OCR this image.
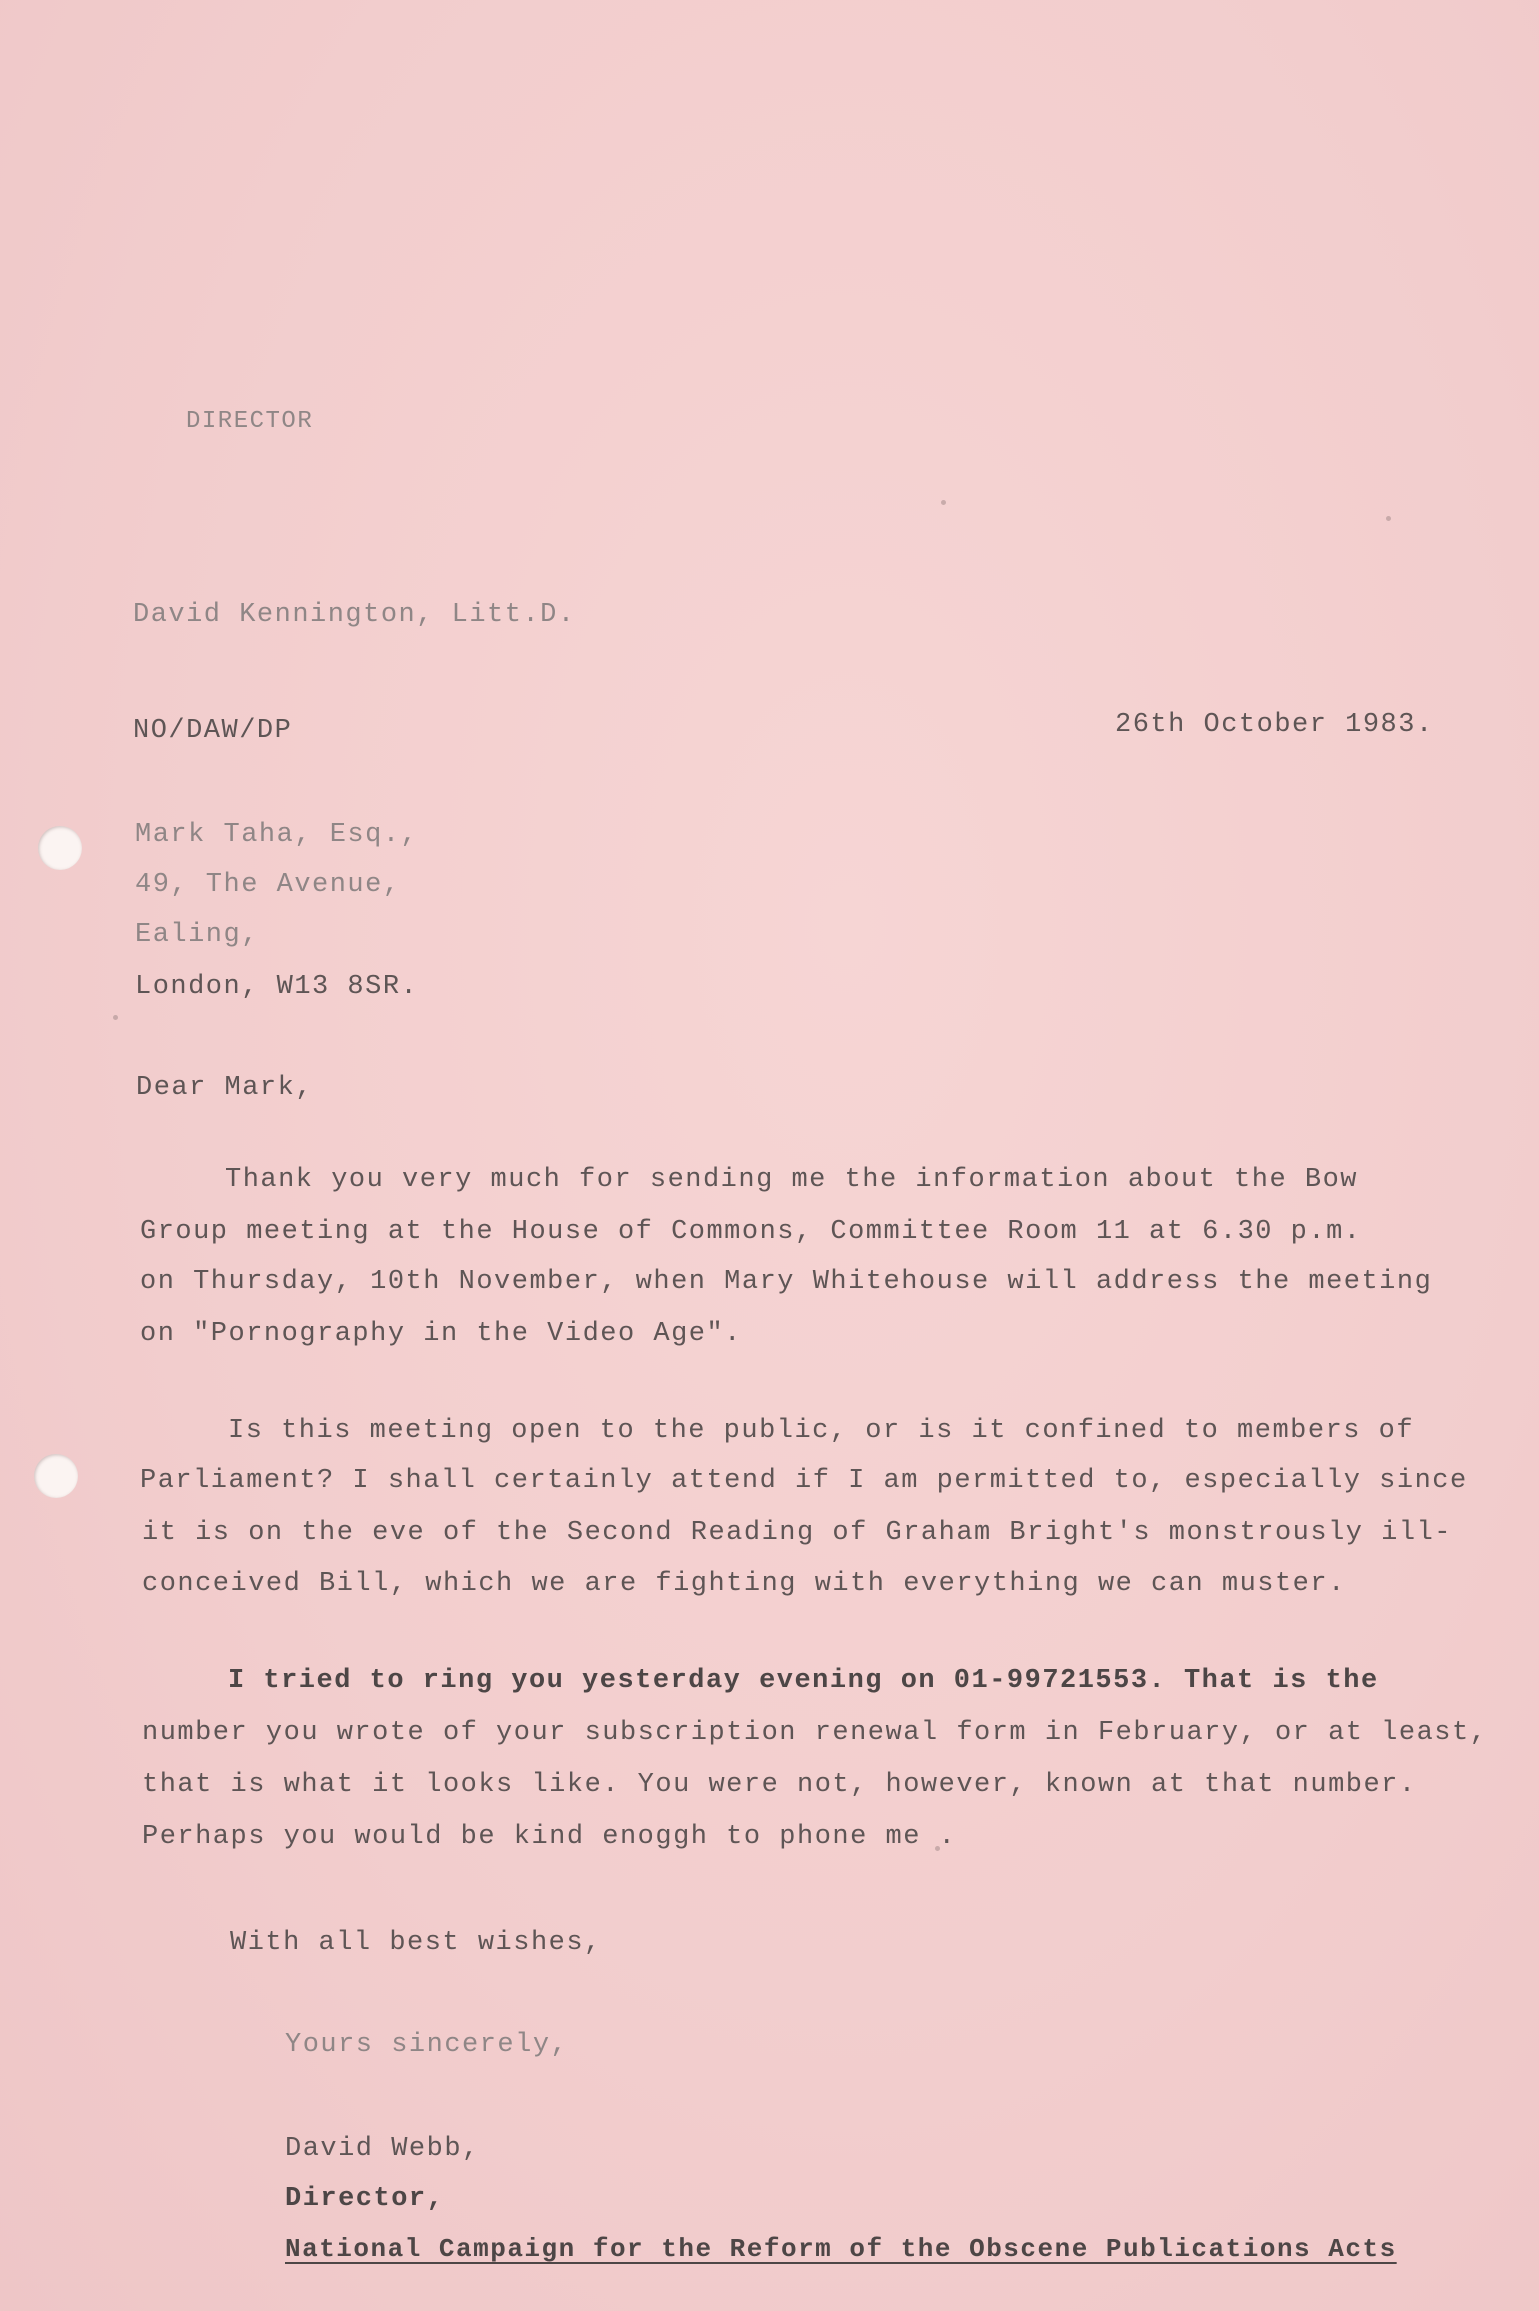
DIRECTOR
David Kennington, Litt.D.
NO/DAW/DP	26th October 1983.
Mark Taha, Esq.,
49, The Avenue,
Ealing,
London, W13 8SR.
Dear Mark,
Thank you very much for sending me the information about the Bow
Group meeting at the House of Commons, Committee Room 11 at 6.30 p.m.
on Thursday, 10th November, when Mary Whitehouse will address the meeting
on "Pornography in the Video Age".
Is this meeting open to the public, or is it confined to members of
Parliament? I shall certainly attend if I am permitted to, especially since
it is on the eve of the Second Reading of Graham Bright's monstrously ill-
conceived Bill, which we are fighting with everything we can muster.
I tried to ring you yesterday evening on 01-99721553. That is the
number you wrote of your subscription renewal form in February, or at least,
that is what it looks like. You were not, however, known at that number.
Perhaps you would be kind enoggh to phone me .
With all best wishes,
Yours sincerely,
David Webb,
Director,
National Campaign for the Reform of the Obscene Publications Acts
